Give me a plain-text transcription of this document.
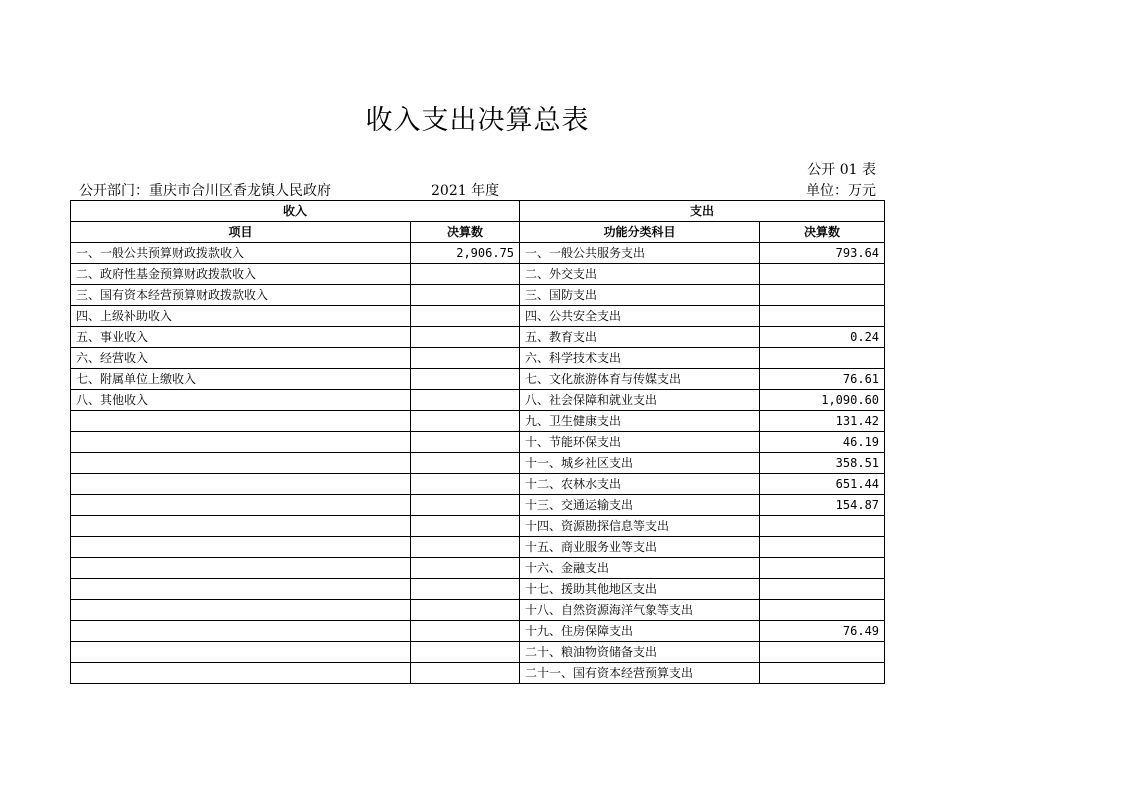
收入支出决算总表
公开 01 表
公开部门：重庆市合川区香龙镇人民政府	2021 年度	单位：万元
收入		支出	
项目	决算数	功能分类科目	决算数
一、一般公共预算财政拨款收入	2,906.75	一、一般公共服务支出	793.64
二、政府性基金预算财政拨款收入		二、外交支出	
三、国有资本经营预算财政拨款收入		三、国防支出	
四、上级补助收入		四、公共安全支出	
五、事业收入		五、教育支出	0.24
六、经营收入		六、科学技术支出	
七、附属单位上缴收入		七、文化旅游体育与传媒支出	76.61
八、其他收入		八、社会保障和就业支出	1,090.60
		九、卫生健康支出	131.42
		十、节能环保支出	46.19
		十一、城乡社区支出	358.51
		十二、农林水支出	651.44
		十三、交通运输支出	154.87
		十四、资源勘探信息等支出	
		十五、商业服务业等支出	
		十六、金融支出	
		十七、援助其他地区支出	
		十八、自然资源海洋气象等支出	
		十九、住房保障支出	76.49
		二十、粮油物资储备支出	
		二十一、国有资本经营预算支出	
